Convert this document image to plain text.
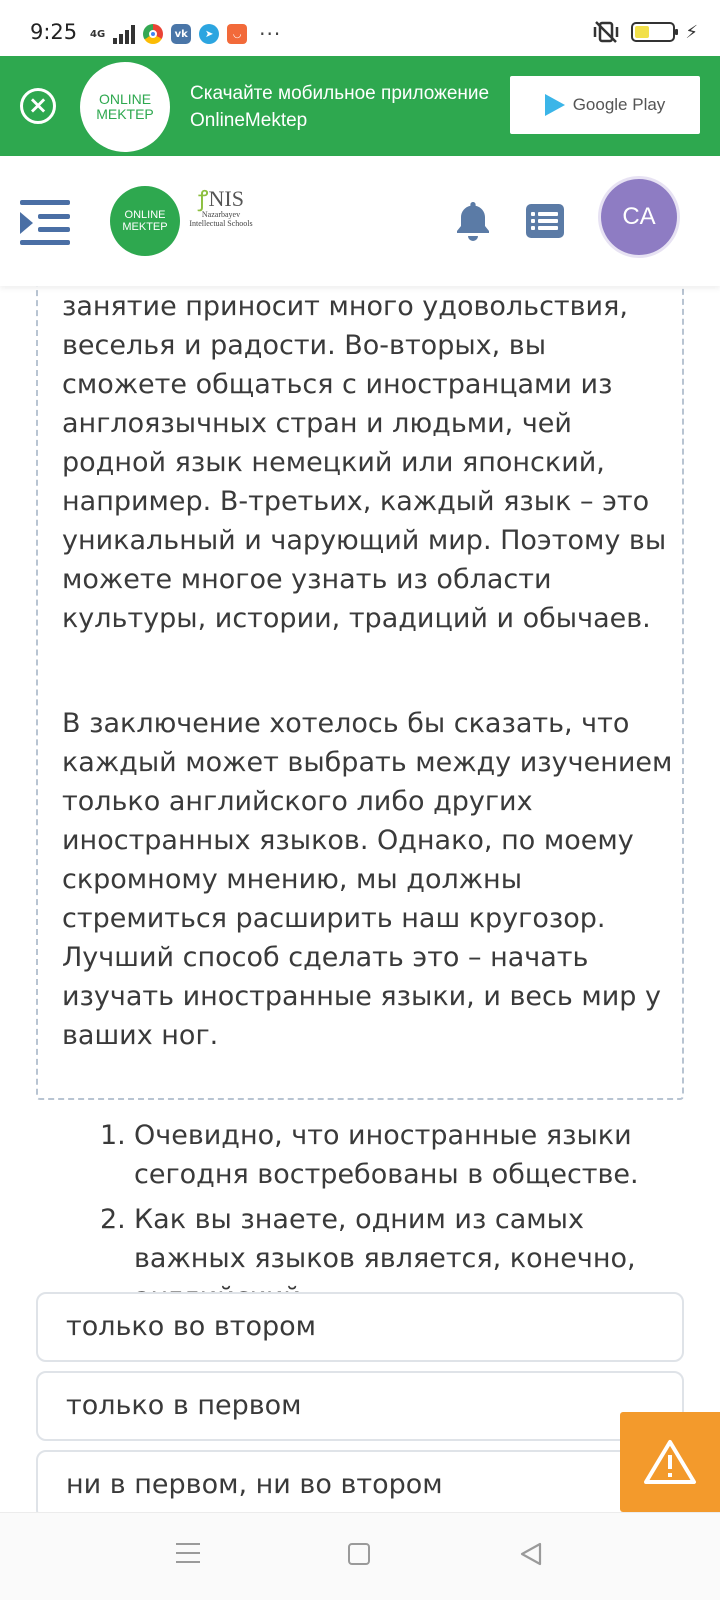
9:25 4G	vk	➤	◡ ···	⚡
×	ONLINE
MEKTEP
Скачайте мобильное приложение OnlineMektep
Google Play
ONLINE
MEKTEP
ꝭNIS
Nazarbayev Intellectual Schools	CA

занятие приносит много удовольствия, веселья и радости. Во-вторых, вы сможете общаться с иностранцами из англоязычных стран и людьми, чей родной язык немецкий или японский, например. В-третьих, каждый язык – это уникальный и чарующий мир. Поэтому вы можете многое узнать из области культуры, истории, традиций и обычаев.

В заключение хотелось бы сказать, что каждый может выбрать между изучением только английского либо других иностранных языков. Однако, по моему скромному мнению, мы должны стремиться расширить наш кругозор. Лучший способ сделать это – начать изучать иностранные языки, и весь мир у ваших ног.

1. Очевидно, что иностранные языки сегодня востребованы в обществе.
2. Как вы знаете, одним из самых важных языков является, конечно,
только во втором
только в первом
ни в первом, ни во втором
